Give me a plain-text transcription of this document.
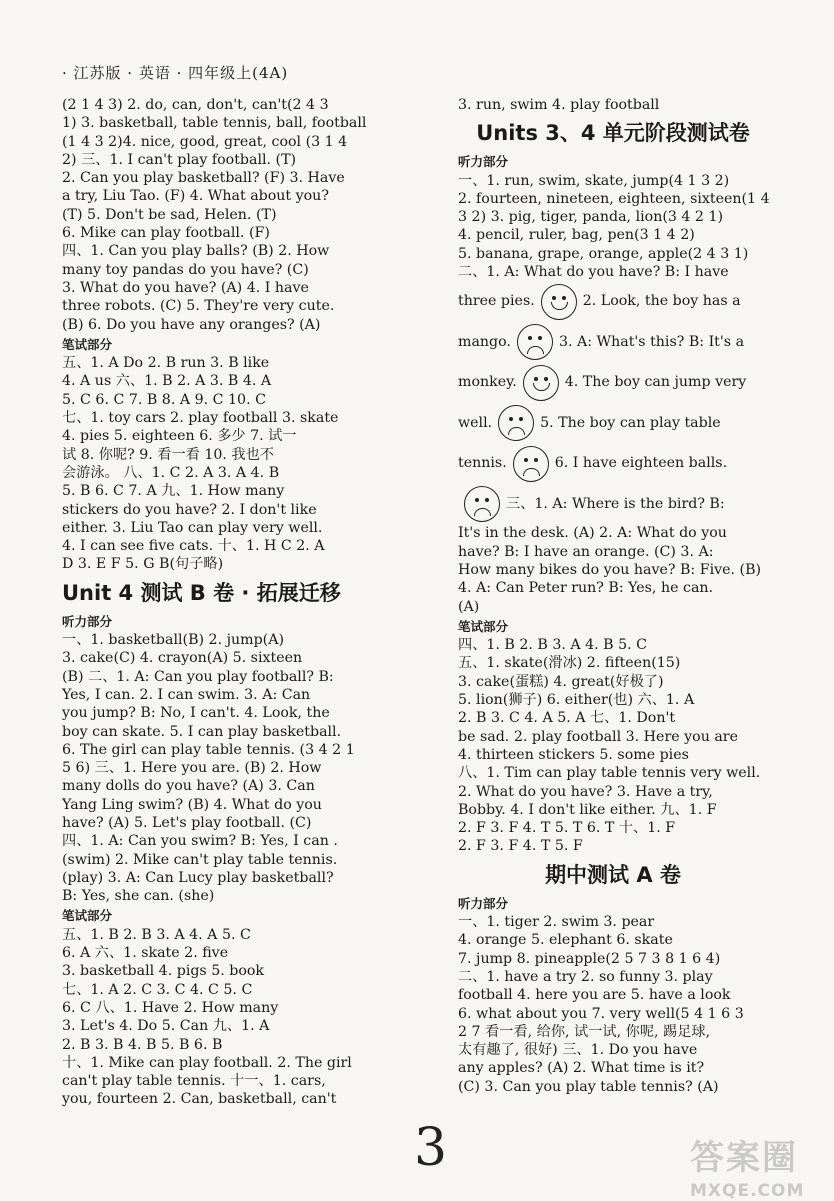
· 江苏版 · 英语 · 四年级上(4A)
(2 1 4 3) 2. do, can, don't, can't(2 4 3
1) 3. basketball, table tennis, ball, football
(1 4 3 2)4. nice, good, great, cool (3 1 4
2) 三、1. I can't play football. (T)
2. Can you play basketball? (F) 3. Have
a try, Liu Tao. (F) 4. What about you?
(T) 5. Don't be sad, Helen. (T)
6. Mike can play football. (F)
四、1. Can you play balls? (B) 2. How
many toy pandas do you have? (C)
3. What do you have? (A) 4. I have
three robots. (C) 5. They're very cute.
(B) 6. Do you have any oranges? (A)
笔试部分
五、1. A Do 2. B run 3. B like
4. A us 六、1. B 2. A 3. B 4. A
5. C 6. C 7. B 8. A 9. C 10. C
七、1. toy cars 2. play football 3. skate
4. pies 5. eighteen 6. 多少 7. 试一
试 8. 你呢? 9. 看一看 10. 我也不
会游泳。 八、1. C 2. A 3. A 4. B
5. B 6. C 7. A 九、1. How many
stickers do you have? 2. I don't like
either. 3. Liu Tao can play very well.
4. I can see five cats. 十、1. H C 2. A
D 3. E F 5. G B(句子略)
Unit 4 测试 B 卷 · 拓展迁移
听力部分
一、1. basketball(B) 2. jump(A)
3. cake(C) 4. crayon(A) 5. sixteen
(B) 二、1. A: Can you play football? B:
Yes, I can. 2. I can swim. 3. A: Can
you jump? B: No, I can't. 4. Look, the
boy can skate. 5. I can play basketball.
6. The girl can play table tennis. (3 4 2 1
5 6) 三、1. Here you are. (B) 2. How
many dolls do you have? (A) 3. Can
Yang Ling swim? (B) 4. What do you
have? (A) 5. Let's play football. (C)
四、1. A: Can you swim? B: Yes, I can .
(swim) 2. Mike can't play table tennis.
(play) 3. A: Can Lucy play basketball?
B: Yes, she can. (she)
笔试部分
五、1. B 2. B 3. A 4. A 5. C
6. A 六、1. skate 2. five
3. basketball 4. pigs 5. book
七、1. A 2. C 3. C 4. C 5. C
6. C 八、1. Have 2. How many
3. Let's 4. Do 5. Can 九、1. A
2. B 3. B 4. B 5. B 6. B
十、1. Mike can play football. 2. The girl
can't play table tennis. 十一、1. cars,
you, fourteen 2. Can, basketball, can't
3. run, swim 4. play football
Units 3、4 单元阶段测试卷
听力部分
一、1. run, swim, skate, jump(4 1 3 2)
2. fourteen, nineteen, eighteen, sixteen(1 4
3 2) 3. pig, tiger, panda, lion(3 4 2 1)
4. pencil, ruler, bag, pen(3 1 4 2)
5. banana, grape, orange, apple(2 4 3 1)
二、1. A: What do you have? B: I have
three pies.	2. Look, the boy has a
mango.	3. A: What's this? B: It's a
monkey.	4. The boy can jump very
well.	5. The boy can play table
tennis.	6. I have eighteen balls.
三、1. A: Where is the bird? B:
It's in the desk. (A) 2. A: What do you
have? B: I have an orange. (C) 3. A:
How many bikes do you have? B: Five. (B)
4. A: Can Peter run? B: Yes, he can.
(A)
笔试部分
四、1. B 2. B 3. A 4. B 5. C
五、1. skate(滑冰) 2. fifteen(15)
3. cake(蛋糕) 4. great(好极了)
5. lion(狮子) 6. either(也) 六、1. A
2. B 3. C 4. A 5. A 七、1. Don't
be sad. 2. play football 3. Here you are
4. thirteen stickers 5. some pies
八、1. Tim can play table tennis very well.
2. What do you have? 3. Have a try,
Bobby. 4. I don't like either. 九、1. F
2. F 3. F 4. T 5. T 6. T 十、1. F
2. F 3. F 4. T 5. F
期中测试 A 卷
听力部分
一、1. tiger 2. swim 3. pear
4. orange 5. elephant 6. skate
7. jump 8. pineapple(2 5 7 3 8 1 6 4)
二、1. have a try 2. so funny 3. play
football 4. here you are 5. have a look
6. what about you 7. very well(5 4 1 6 3
2 7 看一看, 给你, 试一试, 你呢, 踢足球,
太有趣了, 很好) 三、1. Do you have
any apples? (A) 2. What time is it?
(C) 3. Can you play table tennis? (A)
3	答案圈
MXQE.COM
